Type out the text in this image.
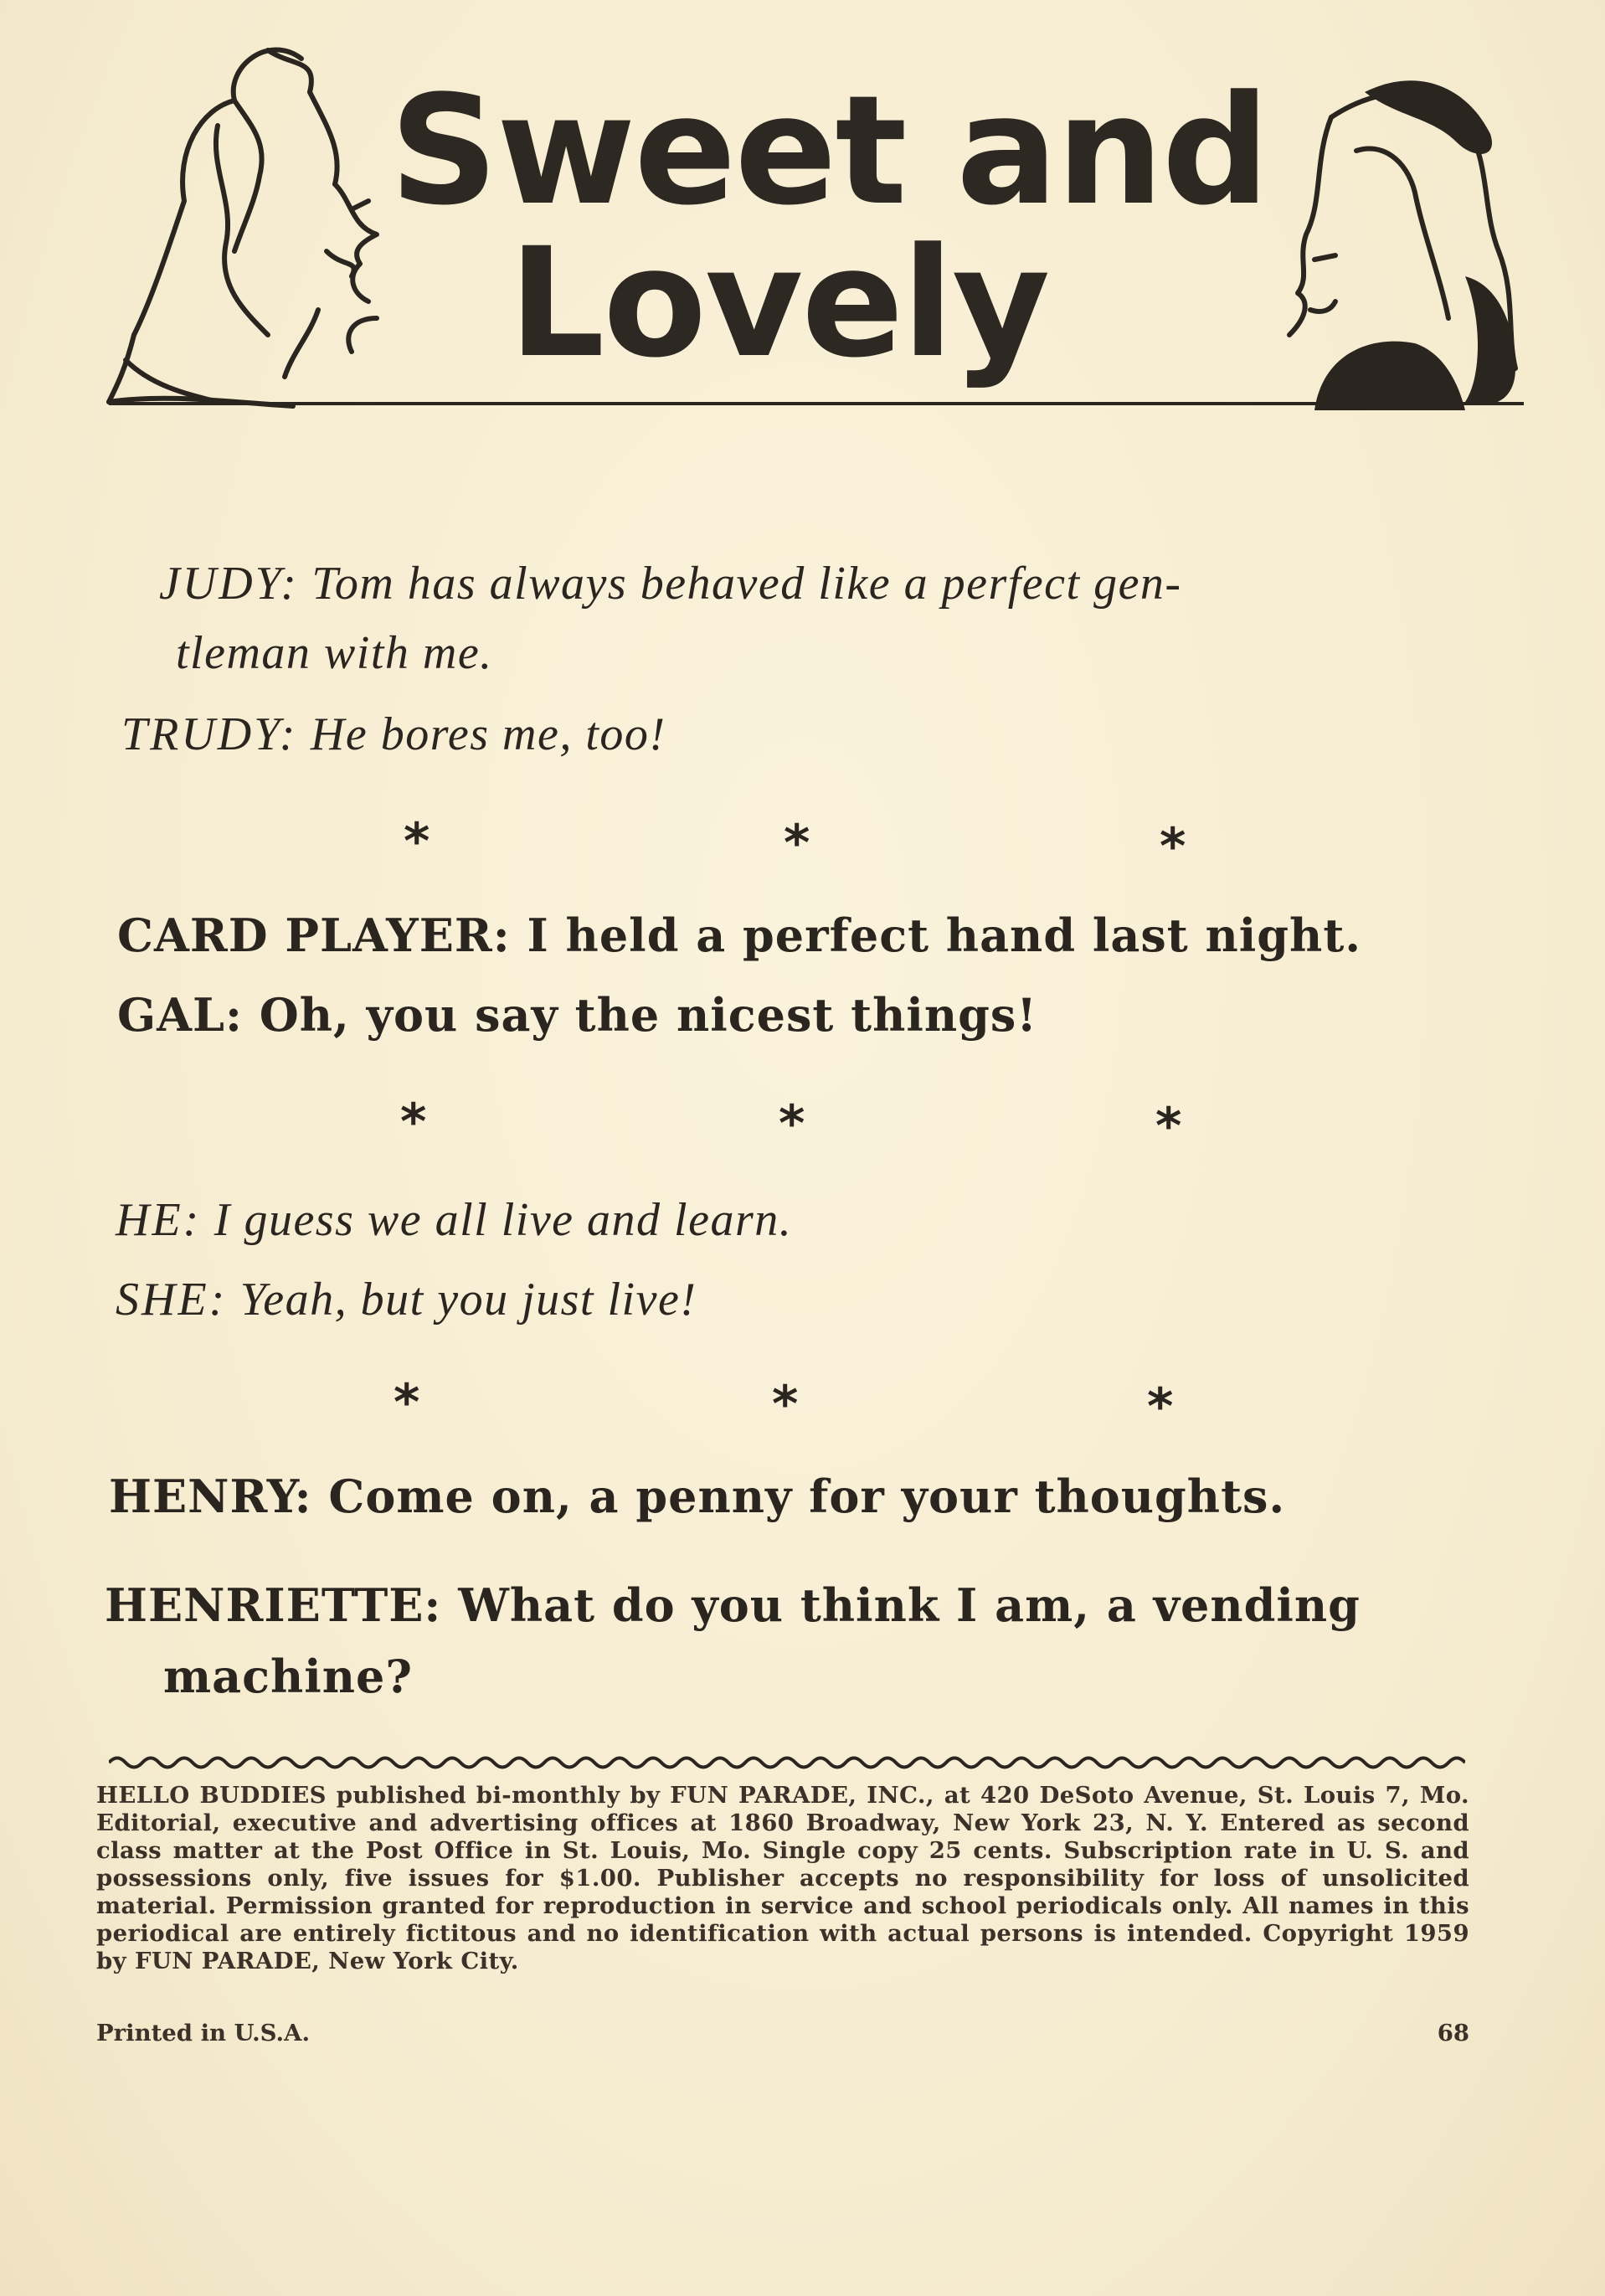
Sweet and
Lovely
JUDY: Tom has always behaved like a perfect gen-
tleman with me.
TRUDY: He bores me, too!
*	*	*
CARD PLAYER: I held a perfect hand last night.
GAL: Oh, you say the nicest things!
*	*	*
HE: I guess we all live and learn.
SHE: Yeah, but you just live!
*	*	*
HENRY: Come on, a penny for your thoughts.
HENRIETTE: What do you think I am, a vending
machine?
HELLO BUDDIES published bi-monthly by FUN PARADE, INC., at 420 DeSoto Avenue, St. Louis 7, Mo. Editorial, executive and advertising offices at 1860 Broadway, New York 23, N. Y. Entered as second class matter at the Post Office in St. Louis, Mo. Single copy 25 cents. Subscription rate in U. S. and possessions only, five issues for $1.00. Publisher accepts no responsibility for loss of unsolicited material. Permission granted for reproduction in service and school periodicals only. All names in this periodical are entirely fictitous and no identification with actual persons is intended. Copyright 1959 by FUN PARADE, New York City.
Printed in U.S.A.	68
